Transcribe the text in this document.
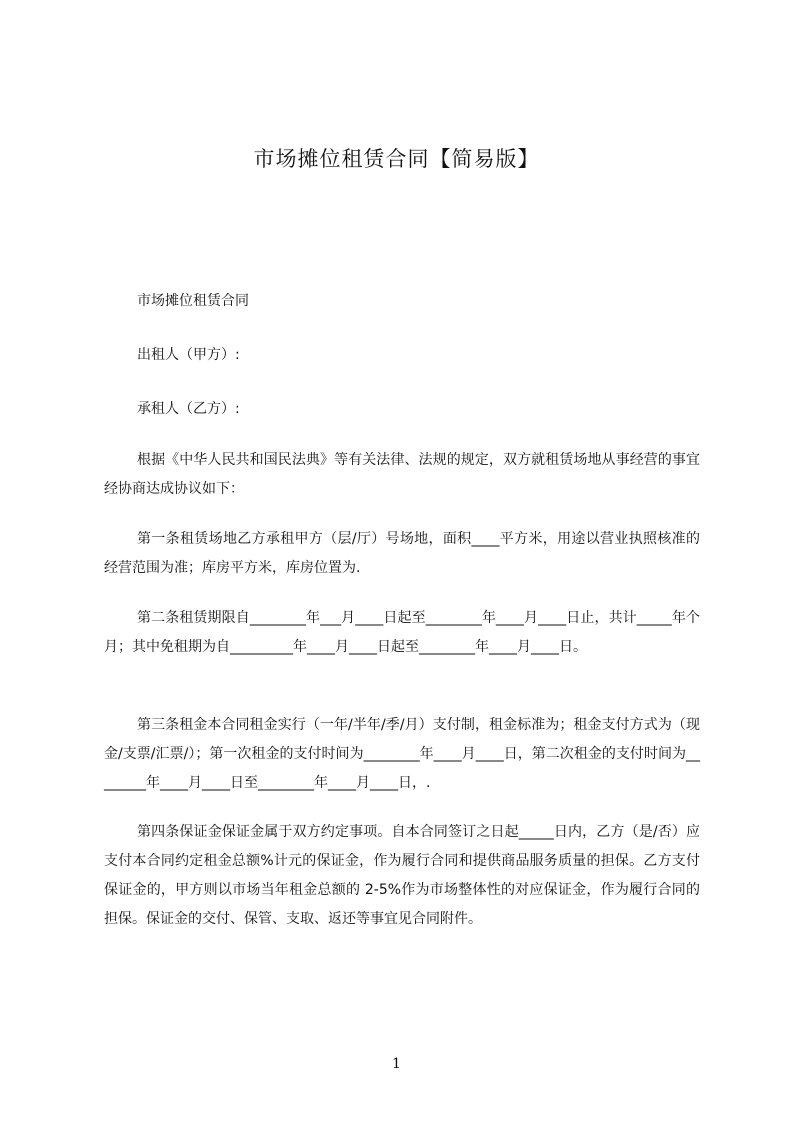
市场摊位租赁合同【简易版】

市场摊位租赁合同

出租人（甲方）:

承租人（乙方）:

根据《中华人民共和国民法典》等有关法律、法规的规定，双方就租赁场地从事经营的事宜经协商达成协议如下：

第一条租赁场地乙方承租甲方（层/厅）号场地，面积____平方米，用途以营业执照核准的经营范围为准；库房平方米，库房位置为.

第二条租赁期限自________年___月____日起至________年____月____日止，共计_____年个月；其中免租期为自_________年____月____日起至________年____月____日。

第三条租金本合同租金实行（一年/半年/季/月）支付制，租金标准为；租金支付方式为（现金/支票/汇票/）；第一次租金的支付时间为________年____月____日，第二次租金的支付时间为________年____月____日至________年____月____日，.

第四条保证金保证金属于双方约定事项。自本合同签订之日起_____日内，乙方（是/否）应支付本合同约定租金总额%计元的保证金，作为履行合同和提供商品服务质量的担保。乙方支付保证金的，甲方则以市场当年租金总额的 2-5%作为市场整体性的对应保证金，作为履行合同的担保。保证金的交付、保管、支取、返还等事宜见合同附件。

1
